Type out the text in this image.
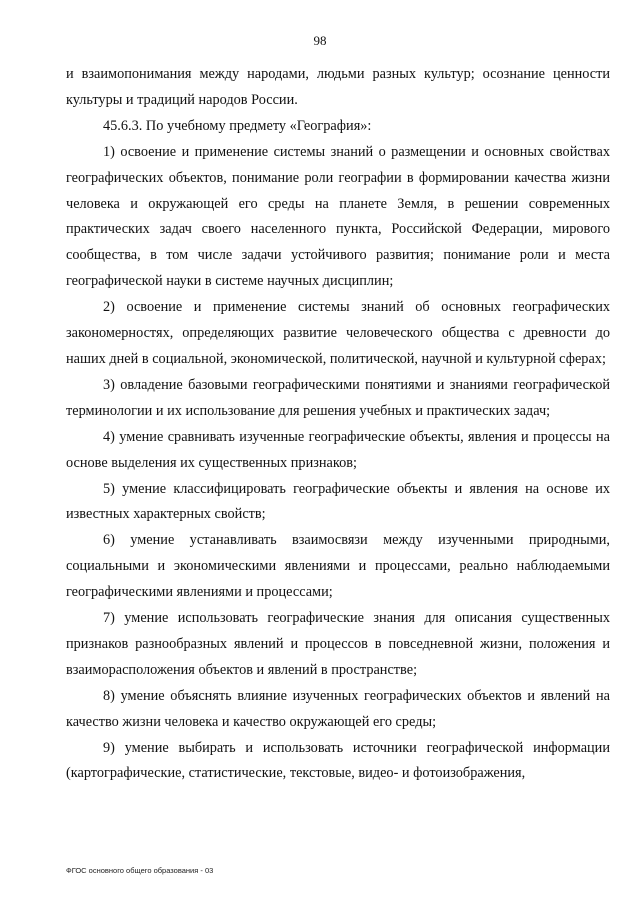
98

и взаимопонимания между народами, людьми разных культур; осознание ценности культуры и традиций народов России.

45.6.3. По учебному предмету «География»:

1) освоение и применение системы знаний о размещении и основных свойствах географических объектов, понимание роли географии в формировании качества жизни человека и окружающей его среды на планете Земля, в решении современных практических задач своего населенного пункта, Российской Федерации, мирового сообщества, в том числе задачи устойчивого развития; понимание роли и места географической науки в системе научных дисциплин;

2) освоение и применение системы знаний об основных географических закономерностях, определяющих развитие человеческого общества с древности до наших дней в социальной, экономической, политической, научной и культурной сферах;

3) овладение базовыми географическими понятиями и знаниями географической терминологии и их использование для решения учебных и практических задач;

4) умение сравнивать изученные географические объекты, явления и процессы на основе выделения их существенных признаков;

5) умение классифицировать географические объекты и явления на основе их известных характерных свойств;

6) умение устанавливать взаимосвязи между изученными природными, социальными и экономическими явлениями и процессами, реально наблюдаемыми географическими явлениями и процессами;

7) умение использовать географические знания для описания существенных признаков разнообразных явлений и процессов в повседневной жизни, положения и взаиморасположения объектов и явлений в пространстве;

8) умение объяснять влияние изученных географических объектов и явлений на качество жизни человека и качество окружающей его среды;

9) умение выбирать и использовать источники географической информации (картографические, статистические, текстовые, видео- и фотоизображения,

ФГОС основного общего образования - 03
